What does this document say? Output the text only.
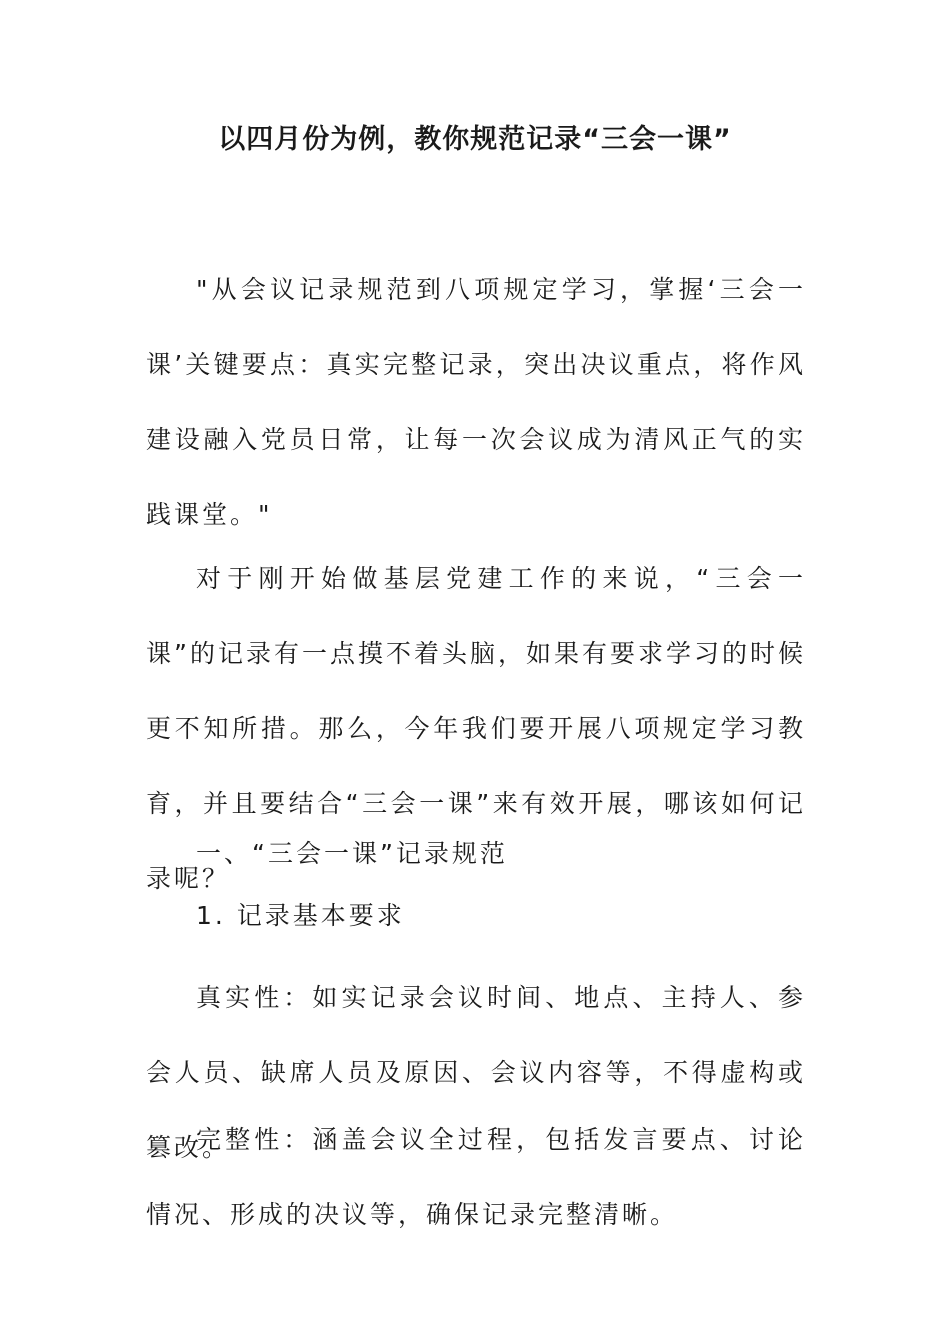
以四月份为例，教你规范记录“三会一课”

"从会议记录规范到八项规定学习，掌握‘三会一课’关键要点：真实完整记录，突出决议重点，将作风建设融入党员日常，让每一次会议成为清风正气的实践课堂。"

对于刚开始做基层党建工作的来说，“三会一课”的记录有一点摸不着头脑，如果有要求学习的时候更不知所措。那么，今年我们要开展八项规定学习教育，并且要结合“三会一课”来有效开展，哪该如何记录呢？

一、“三会一课”记录规范

1. 记录基本要求

真实性：如实记录会议时间、地点、主持人、参会人员、缺席人员及原因、会议内容等，不得虚构或篡改。

完整性：涵盖会议全过程，包括发言要点、讨论情况、形成的决议等，确保记录完整清晰。
